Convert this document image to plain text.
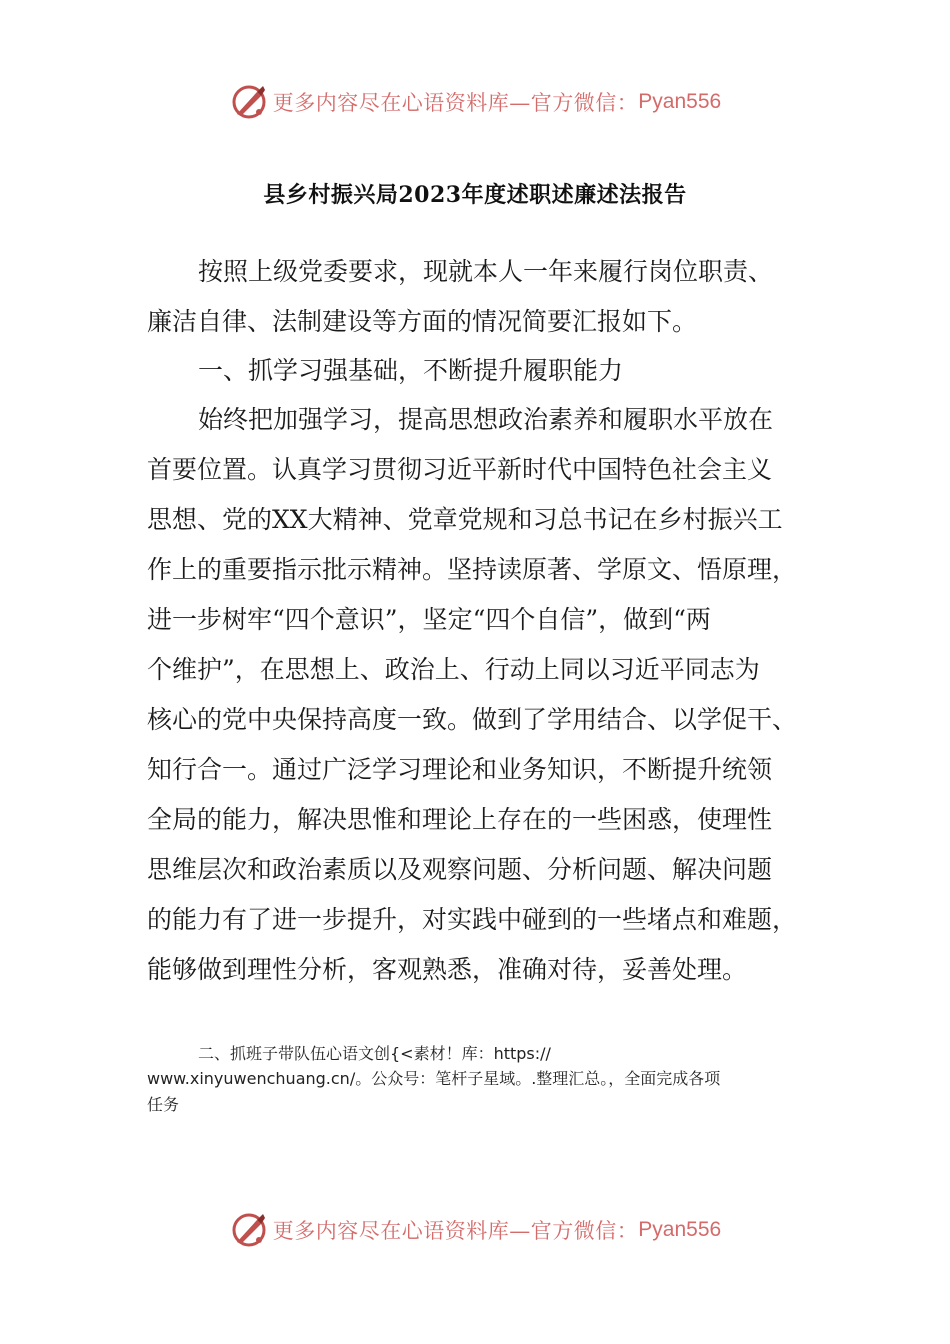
更多内容尽在心语资料库—官方微信： Pyan556
县乡村振兴局2023年度述职述廉述法报告
按照上级党委要求，现就本人一年来履行岗位职责、
廉洁自律、法制建设等方面的情况简要汇报如下。
一、抓学习强基础，不断提升履职能力
始终把加强学习，提高思想政治素养和履职水平放在
首要位置。认真学习贯彻习近平新时代中国特色社会主义
思想、党的XX大精神、党章党规和习总书记在乡村振兴工
作上的重要指示批示精神。坚持读原著、学原文、悟原理，
进一步树牢“四个意识”，坚定“四个自信”，做到“两
个维护”，在思想上、政治上、行动上同以习近平同志为
核心的党中央保持高度一致。做到了学用结合、以学促干、
知行合一。通过广泛学习理论和业务知识，不断提升统领
全局的能力，解决思惟和理论上存在的一些困惑，使理性
思维层次和政治素质以及观察问题、分析问题、解决问题
的能力有了进一步提升，对实践中碰到的一些堵点和难题，
能够做到理性分析，客观熟悉，准确对待，妥善处理。
二、抓班子带队伍心语文创{<素材！库：https://
www.xinyuwenchuang.cn/。公众号：笔杆子星域。.整理汇总。，全面完成各项
任务
更多内容尽在心语资料库—官方微信： Pyan556
